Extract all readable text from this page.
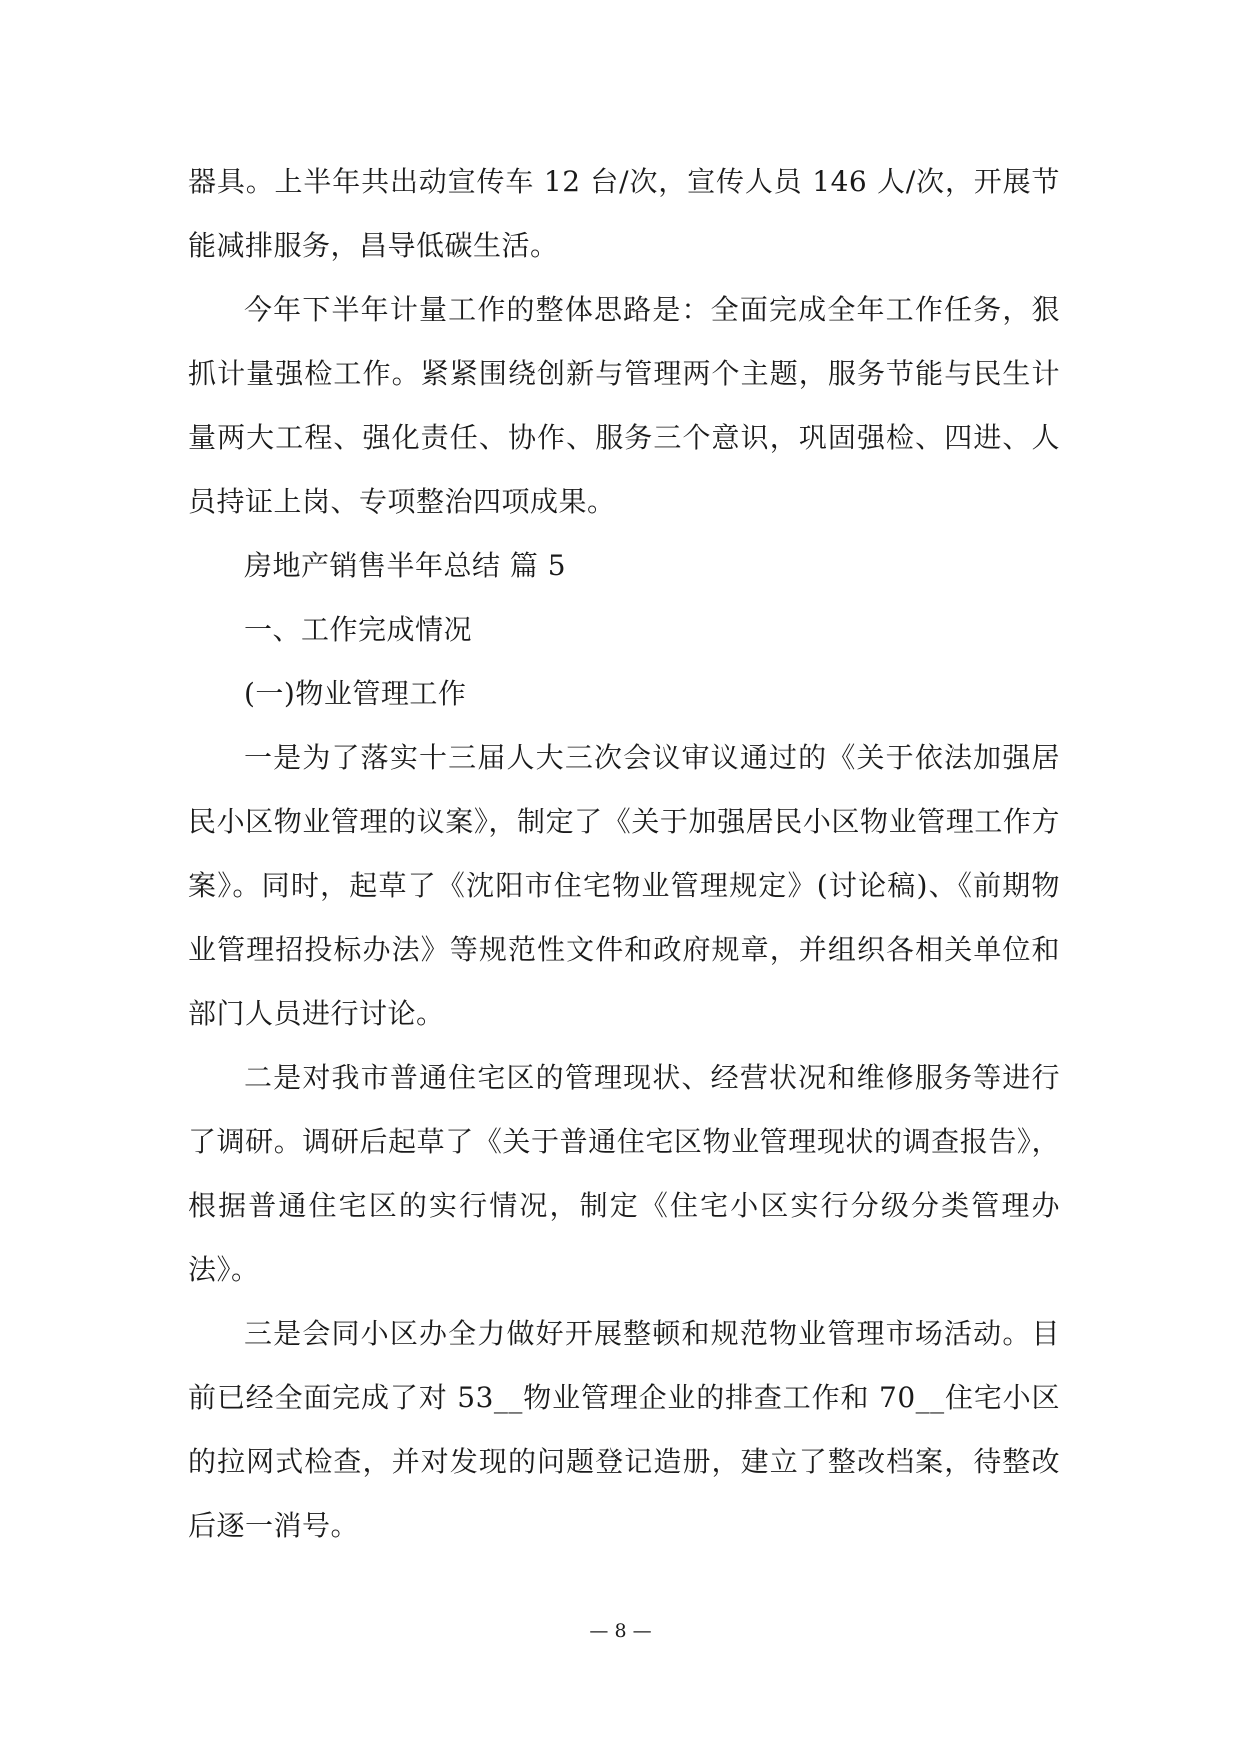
器具。上半年共出动宣传车 12 台/次，宣传人员 146 人/次，开展节能减排服务，昌导低碳生活。

今年下半年计量工作的整体思路是：全面完成全年工作任务，狠抓计量强检工作。紧紧围绕创新与管理两个主题，服务节能与民生计量两大工程、强化责任、协作、服务三个意识，巩固强检、四进、人员持证上岗、专项整治四项成果。

房地产销售半年总结 篇 5

一、工作完成情况

(一)物业管理工作

一是为了落实十三届人大三次会议审议通过的《关于依法加强居民小区物业管理的议案》，制定了《关于加强居民小区物业管理工作方案》。同时，起草了《沈阳市住宅物业管理规定》(讨论稿)、《前期物业管理招投标办法》等规范性文件和政府规章，并组织各相关单位和部门人员进行讨论。

二是对我市普通住宅区的管理现状、经营状况和维修服务等进行了调研。调研后起草了《关于普通住宅区物业管理现状的调查报告》，根据普通住宅区的实行情况，制定《住宅小区实行分级分类管理办法》。

三是会同小区办全力做好开展整顿和规范物业管理市场活动。目前已经全面完成了对 53__物业管理企业的排查工作和 70__住宅小区的拉网式检查，并对发现的问题登记造册，建立了整改档案，待整改后逐一消号。

— 8 —
